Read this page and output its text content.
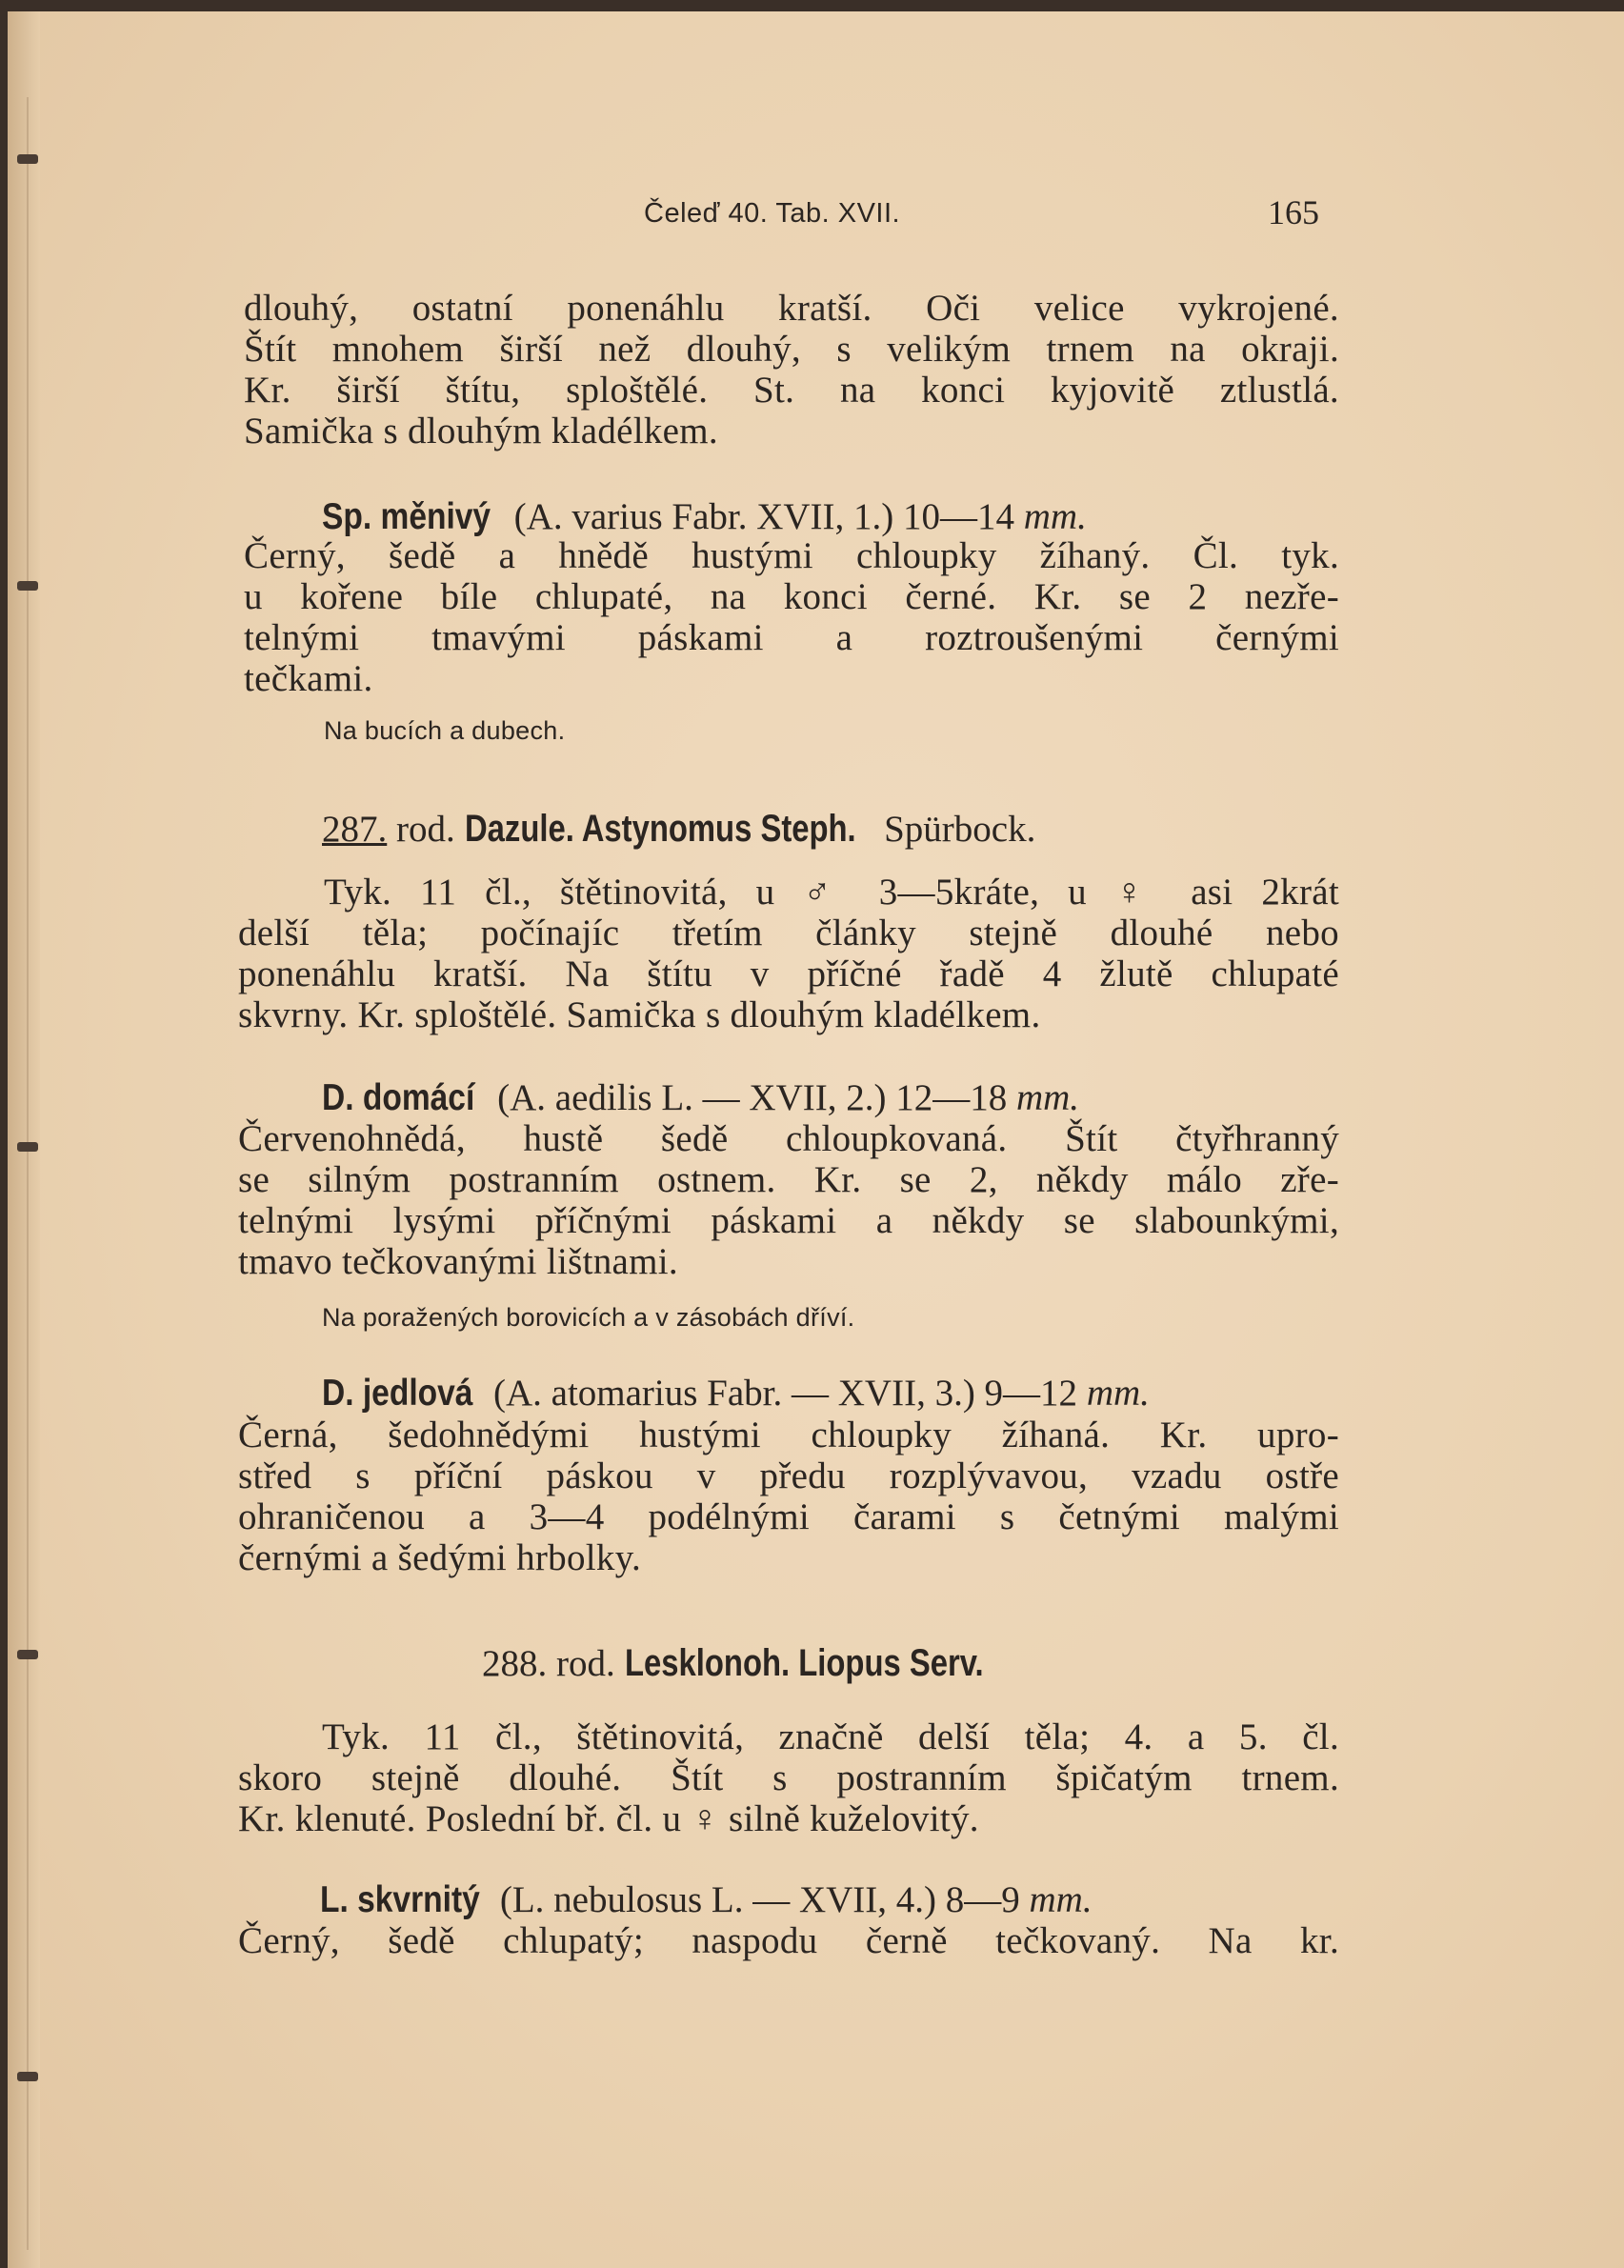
Čeleď 40. Tab. XVII.	165
dlouhý, ostatní ponenáhlu kratší. Oči velice vykrojené.
Štít mnohem širší než dlouhý, s velikým trnem na okraji.
Kr. širší štítu, sploštělé. St. na konci kyjovitě ztlustlá.
Samička s dlouhým kladélkem.
Sp. měnivý (A. varius Fabr. XVII, 1.) 10—14 mm.
Černý, šedě a hnědě hustými chloupky žíhaný. Čl. tyk.
u kořene bíle chlupaté, na konci černé. Kr. se 2 nezře-
telnými tmavými páskami a roztroušenými černými
tečkami.
Na bucích a dubech.
287. rod. Dazule. Astynomus Steph. Spürbock.
Tyk. 11 čl., štětinovitá, u ♂ 3—5kráte, u ♀ asi 2krát
delší těla; počínajíc třetím články stejně dlouhé nebo
ponenáhlu kratší. Na štítu v příčné řadě 4 žlutě chlupaté
skvrny. Kr. sploštělé. Samička s dlouhým kladélkem.
D. domácí (A. aedilis L. — XVII, 2.) 12—18 mm.
Červenohnědá, hustě šedě chloupkovaná. Štít čtyřhranný
se silným postranním ostnem. Kr. se 2, někdy málo zře-
telnými lysými příčnými páskami a někdy se slabounkými,
tmavo tečkovanými lištnami.
Na poražených borovicích a v zásobách dříví.
D. jedlová (A. atomarius Fabr. — XVII, 3.) 9—12 mm.
Černá, šedohnědými hustými chloupky žíhaná. Kr. upro-
střed s příční páskou v předu rozplývavou, vzadu ostře
ohraničenou a 3—4 podélnými čarami s četnými malými
černými a šedými hrbolky.
288. rod. Lesklonoh. Liopus Serv.
Tyk. 11 čl., štětinovitá, značně delší těla; 4. a 5. čl.
skoro stejně dlouhé. Štít s postranním špičatým trnem.
Kr. klenuté. Poslední bř. čl. u ♀ silně kuželovitý.
L. skvrnitý (L. nebulosus L. — XVII, 4.) 8—9 mm.
Černý, šedě chlupatý; naspodu černě tečkovaný. Na kr.
